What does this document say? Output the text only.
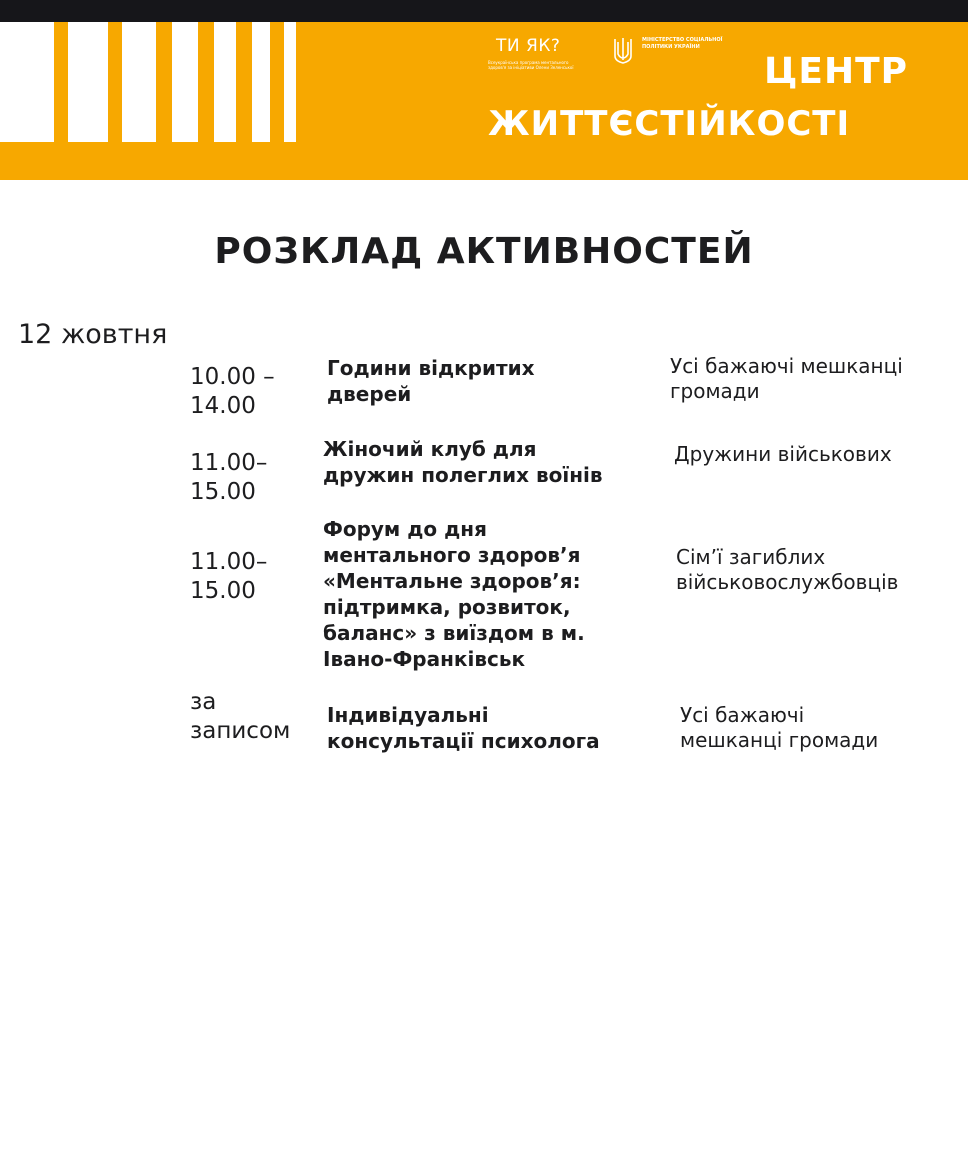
ТИ ЯК?
Всеукраїнська програма ментального здоров'я за ініціативи Олени Зеленської
МІНІСТЕРСТВО СОЦІАЛЬНОЇ ПОЛІТИКИ УКРАЇНИ
ЦЕНТР
ЖИТТЄСТІЙКОСТІ
РОЗКЛАД АКТИВНОСТЕЙ
12 жовтня
10.00 –
14.00
Години відкритих
дверей
Усі бажаючі мешканці
громади
11.00–
15.00
Жіночий клуб для
дружин полеглих воїнів
Дружини військових
11.00–
15.00
Форум до дня
ментального здоров’я
«Ментальне здоров’я:
підтримка, розвиток,
баланс» з виїздом в м.
Івано-Франківськ
Сім’ї загиблих
військовослужбовців
за
записом
Індивідуальні
консультації психолога
Усі бажаючі
мешканці громади
